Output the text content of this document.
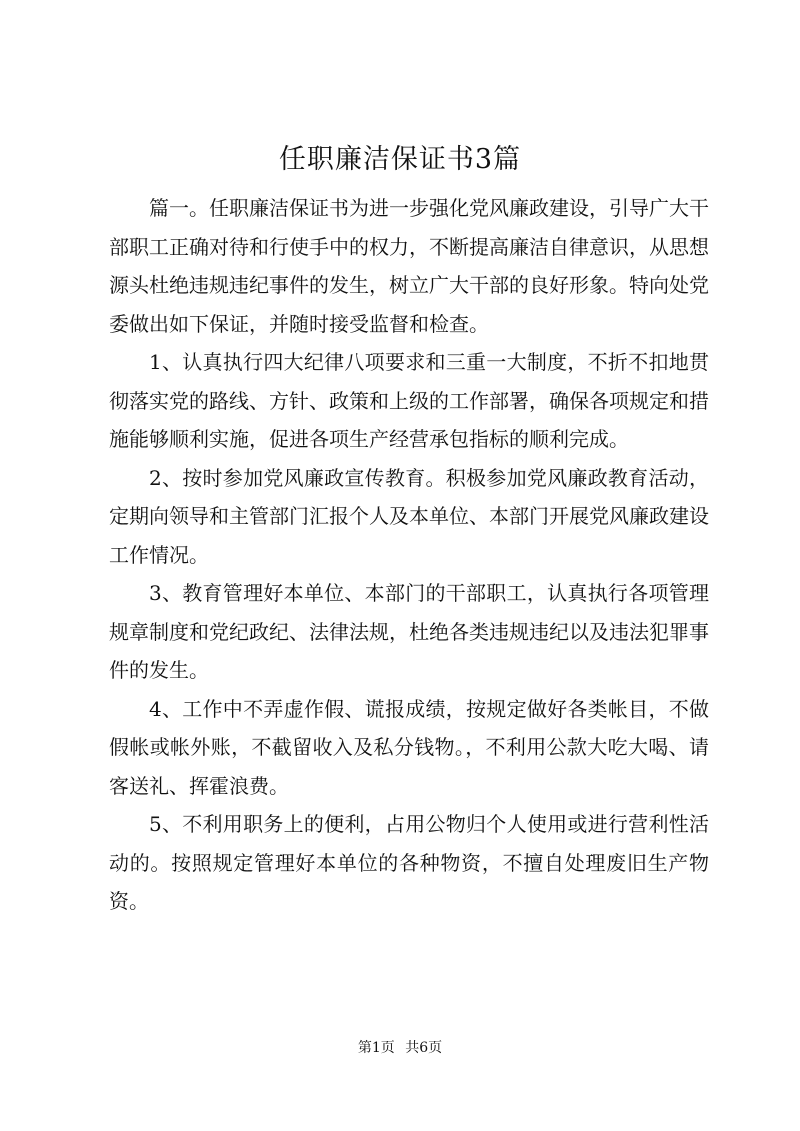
任职廉洁保证书3篇

篇一。任职廉洁保证书为进一步强化党风廉政建设，引导广大干部职工正确对待和行使手中的权力，不断提高廉洁自律意识，从思想源头杜绝违规违纪事件的发生，树立广大干部的良好形象。特向处党委做出如下保证，并随时接受监督和检查。

1、认真执行四大纪律八项要求和三重一大制度，不折不扣地贯彻落实党的路线、方针、政策和上级的工作部署，确保各项规定和措施能够顺利实施，促进各项生产经营承包指标的顺利完成。

2、按时参加党风廉政宣传教育。积极参加党风廉政教育活动，定期向领导和主管部门汇报个人及本单位、本部门开展党风廉政建设工作情况。

3、教育管理好本单位、本部门的干部职工，认真执行各项管理规章制度和党纪政纪、法律法规，杜绝各类违规违纪以及违法犯罪事件的发生。

4、工作中不弄虚作假、谎报成绩，按规定做好各类帐目，不做假帐或帐外账，不截留收入及私分钱物。，不利用公款大吃大喝、请客送礼、挥霍浪费。

5、不利用职务上的便利，占用公物归个人使用或进行营利性活动的。按照规定管理好本单位的各种物资，不擅自处理废旧生产物资。

第1页 共6页
